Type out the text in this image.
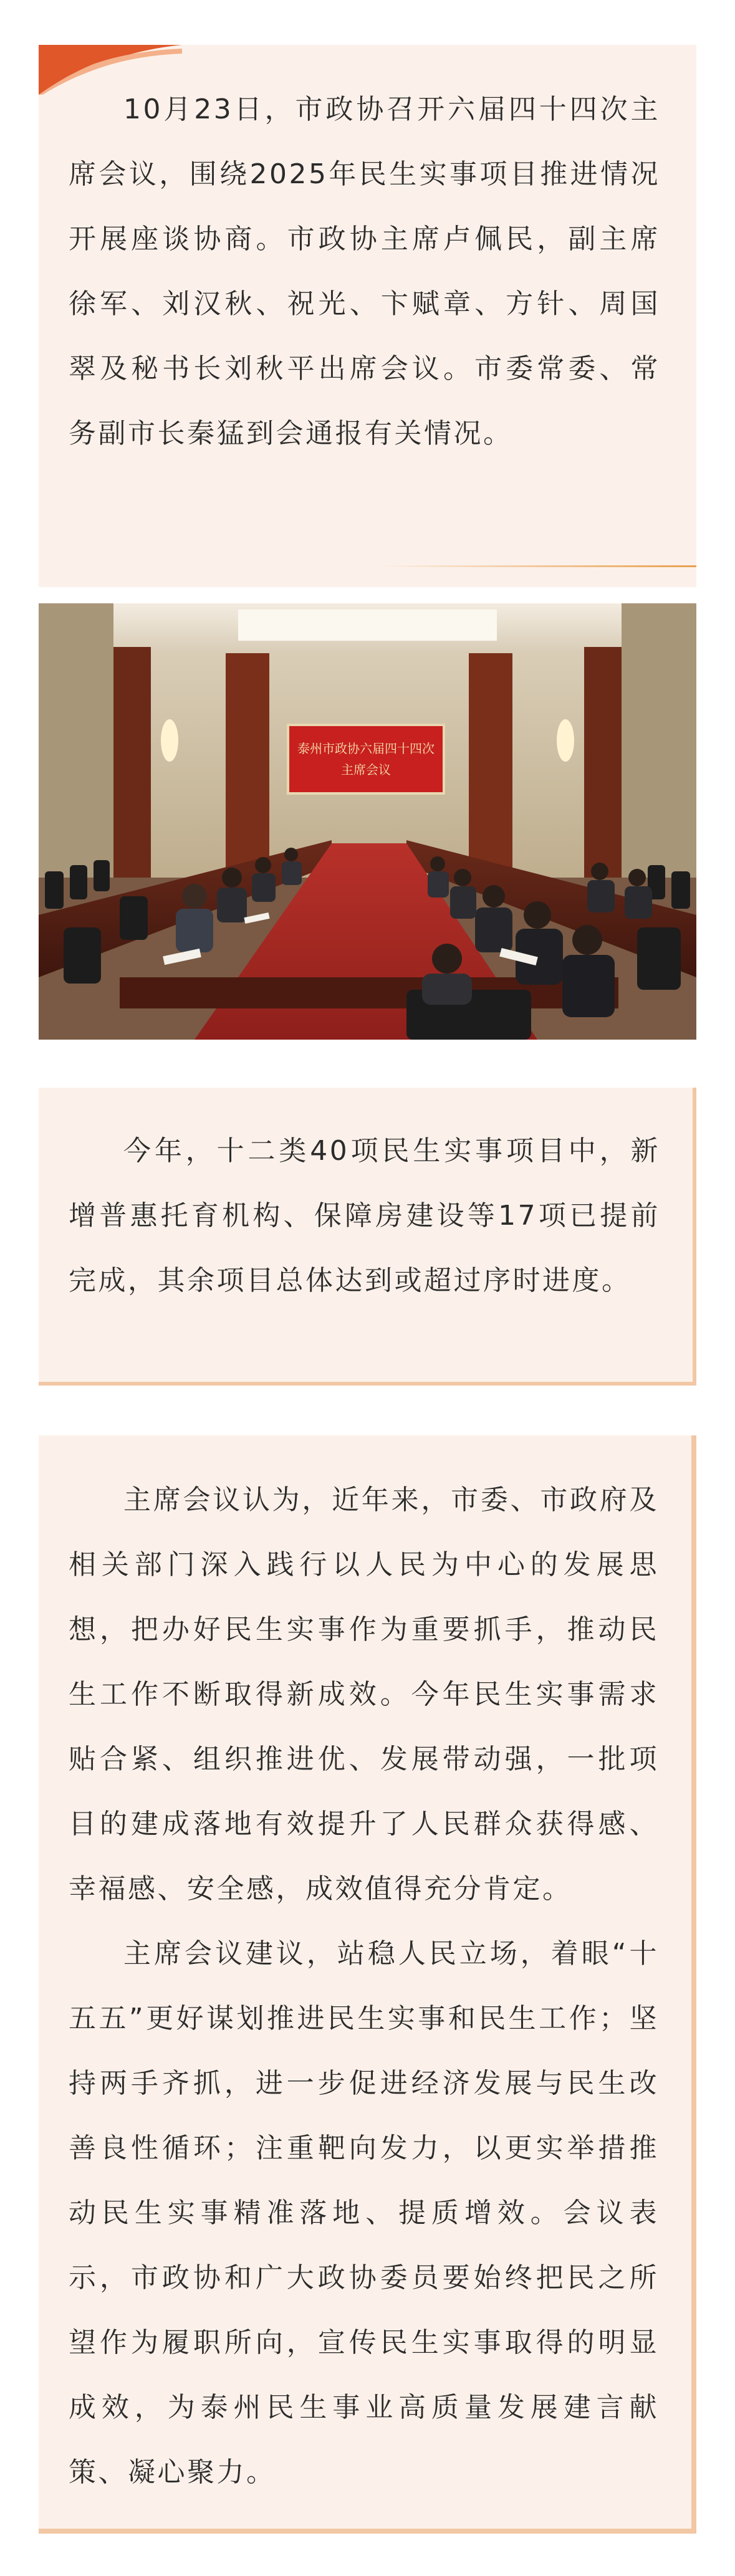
10月23日，市政协召开六届四十四次主席会议，围绕2025年民生实事项目推进情况开展座谈协商。市政协主席卢佩民，副主席徐军、刘汉秋、祝光、卞赋章、方针、周国翠及秘书长刘秋平出席会议。市委常委、常务副市长秦猛到会通报有关情况。

泰州市政协六届四十四次
主席会议

今年，十二类40项民生实事项目中，新增普惠托育机构、保障房建设等17项已提前完成，其余项目总体达到或超过序时进度。

主席会议认为，近年来，市委、市政府及相关部门深入践行以人民为中心的发展思想，把办好民生实事作为重要抓手，推动民生工作不断取得新成效。今年民生实事需求贴合紧、组织推进优、发展带动强，一批项目的建成落地有效提升了人民群众获得感、幸福感、安全感，成效值得充分肯定。

主席会议建议，站稳人民立场，着眼“十五五”更好谋划推进民生实事和民生工作；坚持两手齐抓，进一步促进经济发展与民生改善良性循环；注重靶向发力，以更实举措推动民生实事精准落地、提质增效。会议表示，市政协和广大政协委员要始终把民之所望作为履职所向，宣传民生实事取得的明显成效，为泰州民生事业高质量发展建言献策、凝心聚力。
